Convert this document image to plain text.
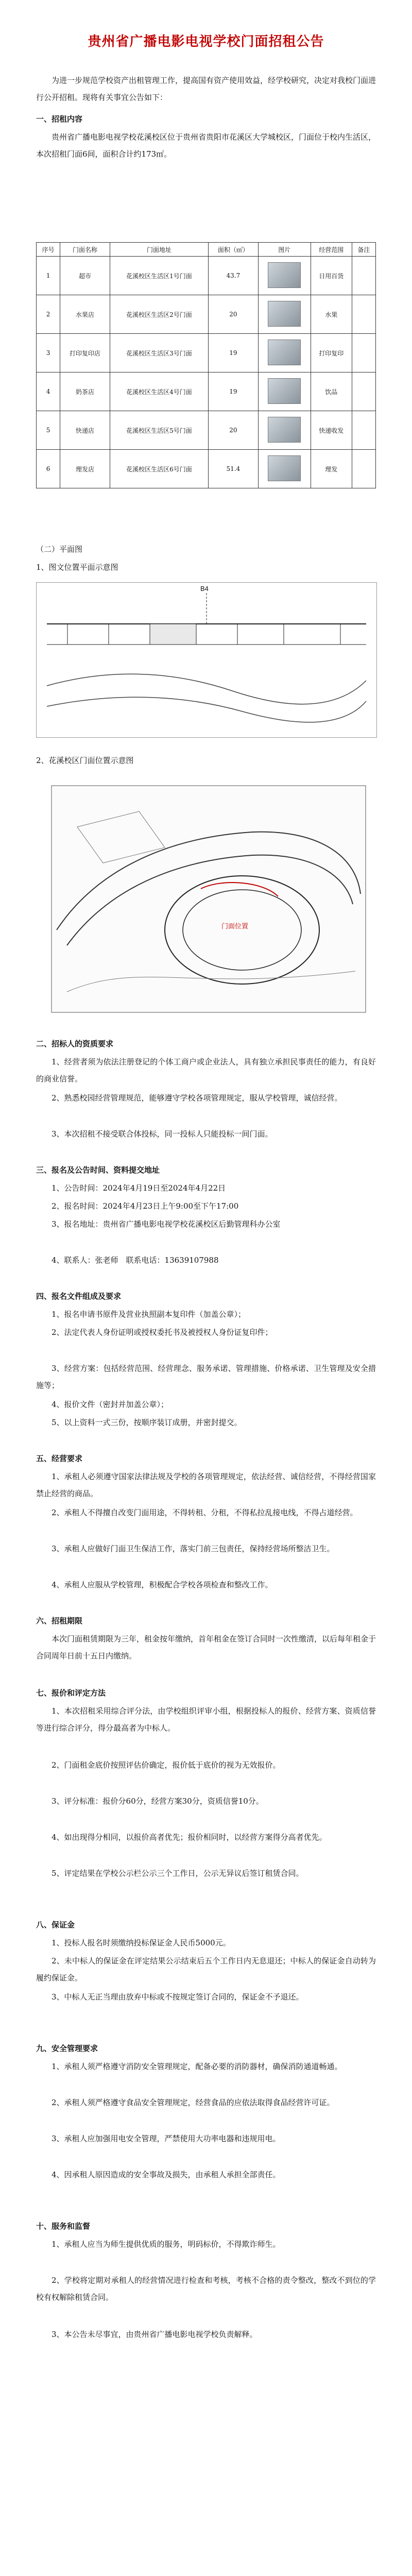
贵州省广播电影电视学校门面招租公告
为进一步规范学校资产出租管理工作，提高国有资产使用效益，经学校研究，决定对我校门面进行公开招租。现将有关事宜公告如下：
一、招租内容
贵州省广播电影电视学校花溪校区位于贵州省贵阳市花溪区大学城校区，门面位于校内生活区，本次招租门面6间，面积合计约173㎡。
序号	门面名称	门面地址	面积（㎡）	图片	经营范围	备注
1	超市	花溪校区生活区1号门面	43.7		日用百货	
2	水果店	花溪校区生活区2号门面	20		水果	
3	打印复印店	花溪校区生活区3号门面	19		打印复印	
4	奶茶店	花溪校区生活区4号门面	19		饮品	
5	快递店	花溪校区生活区5号门面	20		快递收发	
6	理发店	花溪校区生活区6号门面	51.4		理发	
（二）平面图
1、图文位置平面示意图
B4
2、花溪校区门面位置示意图
门面位置
二、招标人的资质要求
1、经营者须为依法注册登记的个体工商户或企业法人，具有独立承担民事责任的能力，有良好的商业信誉。
2、熟悉校园经营管理规范，能够遵守学校各项管理规定，服从学校管理，诚信经营。
3、本次招租不接受联合体投标，同一投标人只能投标一间门面。
三、报名及公告时间、资料提交地址
1、公告时间：2024年4月19日至2024年4月22日
2、报名时间：2024年4月23日上午9:00至下午17:00
3、报名地址：贵州省广播电影电视学校花溪校区后勤管理科办公室
4、联系人：张老师　联系电话：13639107988
四、报名文件组成及要求
1、报名申请书原件及营业执照副本复印件（加盖公章）；
2、法定代表人身份证明或授权委托书及被授权人身份证复印件；
3、经营方案：包括经营范围、经营理念、服务承诺、管理措施、价格承诺、卫生管理及安全措施等；
4、报价文件（密封并加盖公章）；
5、以上资料一式三份，按顺序装订成册，并密封提交。
五、经营要求
1、承租人必须遵守国家法律法规及学校的各项管理规定，依法经营、诚信经营，不得经营国家禁止经营的商品。
2、承租人不得擅自改变门面用途，不得转租、分租，不得私拉乱接电线，不得占道经营。
3、承租人应做好门面卫生保洁工作，落实门前三包责任，保持经营场所整洁卫生。
4、承租人应服从学校管理，积极配合学校各项检查和整改工作。
六、招租期限
本次门面租赁期限为三年，租金按年缴纳，首年租金在签订合同时一次性缴清，以后每年租金于合同周年日前十五日内缴纳。
七、报价和评定方法
1、本次招租采用综合评分法，由学校组织评审小组，根据投标人的报价、经营方案、资质信誉等进行综合评分，得分最高者为中标人。
2、门面租金底价按照评估价确定，报价低于底价的视为无效报价。
3、评分标准：报价分60分，经营方案30分，资质信誉10分。
4、如出现得分相同，以报价高者优先；报价相同时，以经营方案得分高者优先。
5、评定结果在学校公示栏公示三个工作日，公示无异议后签订租赁合同。
八、保证金
1、投标人报名时须缴纳投标保证金人民币5000元。
2、未中标人的保证金在评定结果公示结束后五个工作日内无息退还；中标人的保证金自动转为履约保证金。
3、中标人无正当理由放弃中标或不按规定签订合同的，保证金不予退还。
九、安全管理要求
1、承租人须严格遵守消防安全管理规定，配备必要的消防器材，确保消防通道畅通。
2、承租人须严格遵守食品安全管理规定，经营食品的应依法取得食品经营许可证。
3、承租人应加强用电安全管理，严禁使用大功率电器和违规用电。
4、因承租人原因造成的安全事故及损失，由承租人承担全部责任。
十、服务和监督
1、承租人应当为师生提供优质的服务，明码标价，不得欺诈师生。
2、学校将定期对承租人的经营情况进行检查和考核，考核不合格的责令整改，整改不到位的学校有权解除租赁合同。
3、本公告未尽事宜，由贵州省广播电影电视学校负责解释。
